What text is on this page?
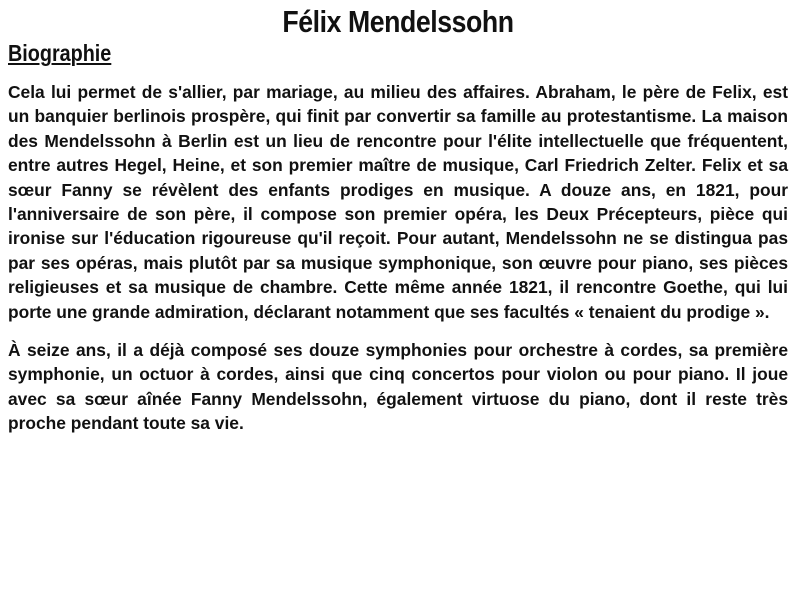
Félix Mendelssohn
Biographie

Cela lui permet de s'allier, par mariage, au milieu des affaires. Abraham, le père de Felix, est un banquier berlinois prospère, qui finit par convertir sa famille au protestantisme. La maison des Mendelssohn à Berlin est un lieu de rencontre pour l'élite intellectuelle que fréquentent, entre autres Hegel, Heine, et son premier maître de musique, Carl Friedrich Zelter. Felix et sa sœur Fanny se révèlent des enfants prodiges en musique. A douze ans, en 1821, pour l'anniversaire de son père, il compose son premier opéra, les Deux Précepteurs, pièce qui ironise sur l'éducation rigoureuse qu'il reçoit. Pour autant, Mendelssohn ne se distingua pas par ses opéras, mais plutôt par sa musique symphonique, son œuvre pour piano, ses pièces religieuses et sa musique de chambre. Cette même année 1821, il rencontre Goethe, qui lui porte une grande admiration, déclarant notamment que ses facultés « tenaient du prodige ».

À seize ans, il a déjà composé ses douze symphonies pour orchestre à cordes, sa première symphonie, un octuor à cordes, ainsi que cinq concertos pour violon ou pour piano. Il joue avec sa sœur aînée Fanny Mendelssohn, également virtuose du piano, dont il reste très proche pendant toute sa vie.
